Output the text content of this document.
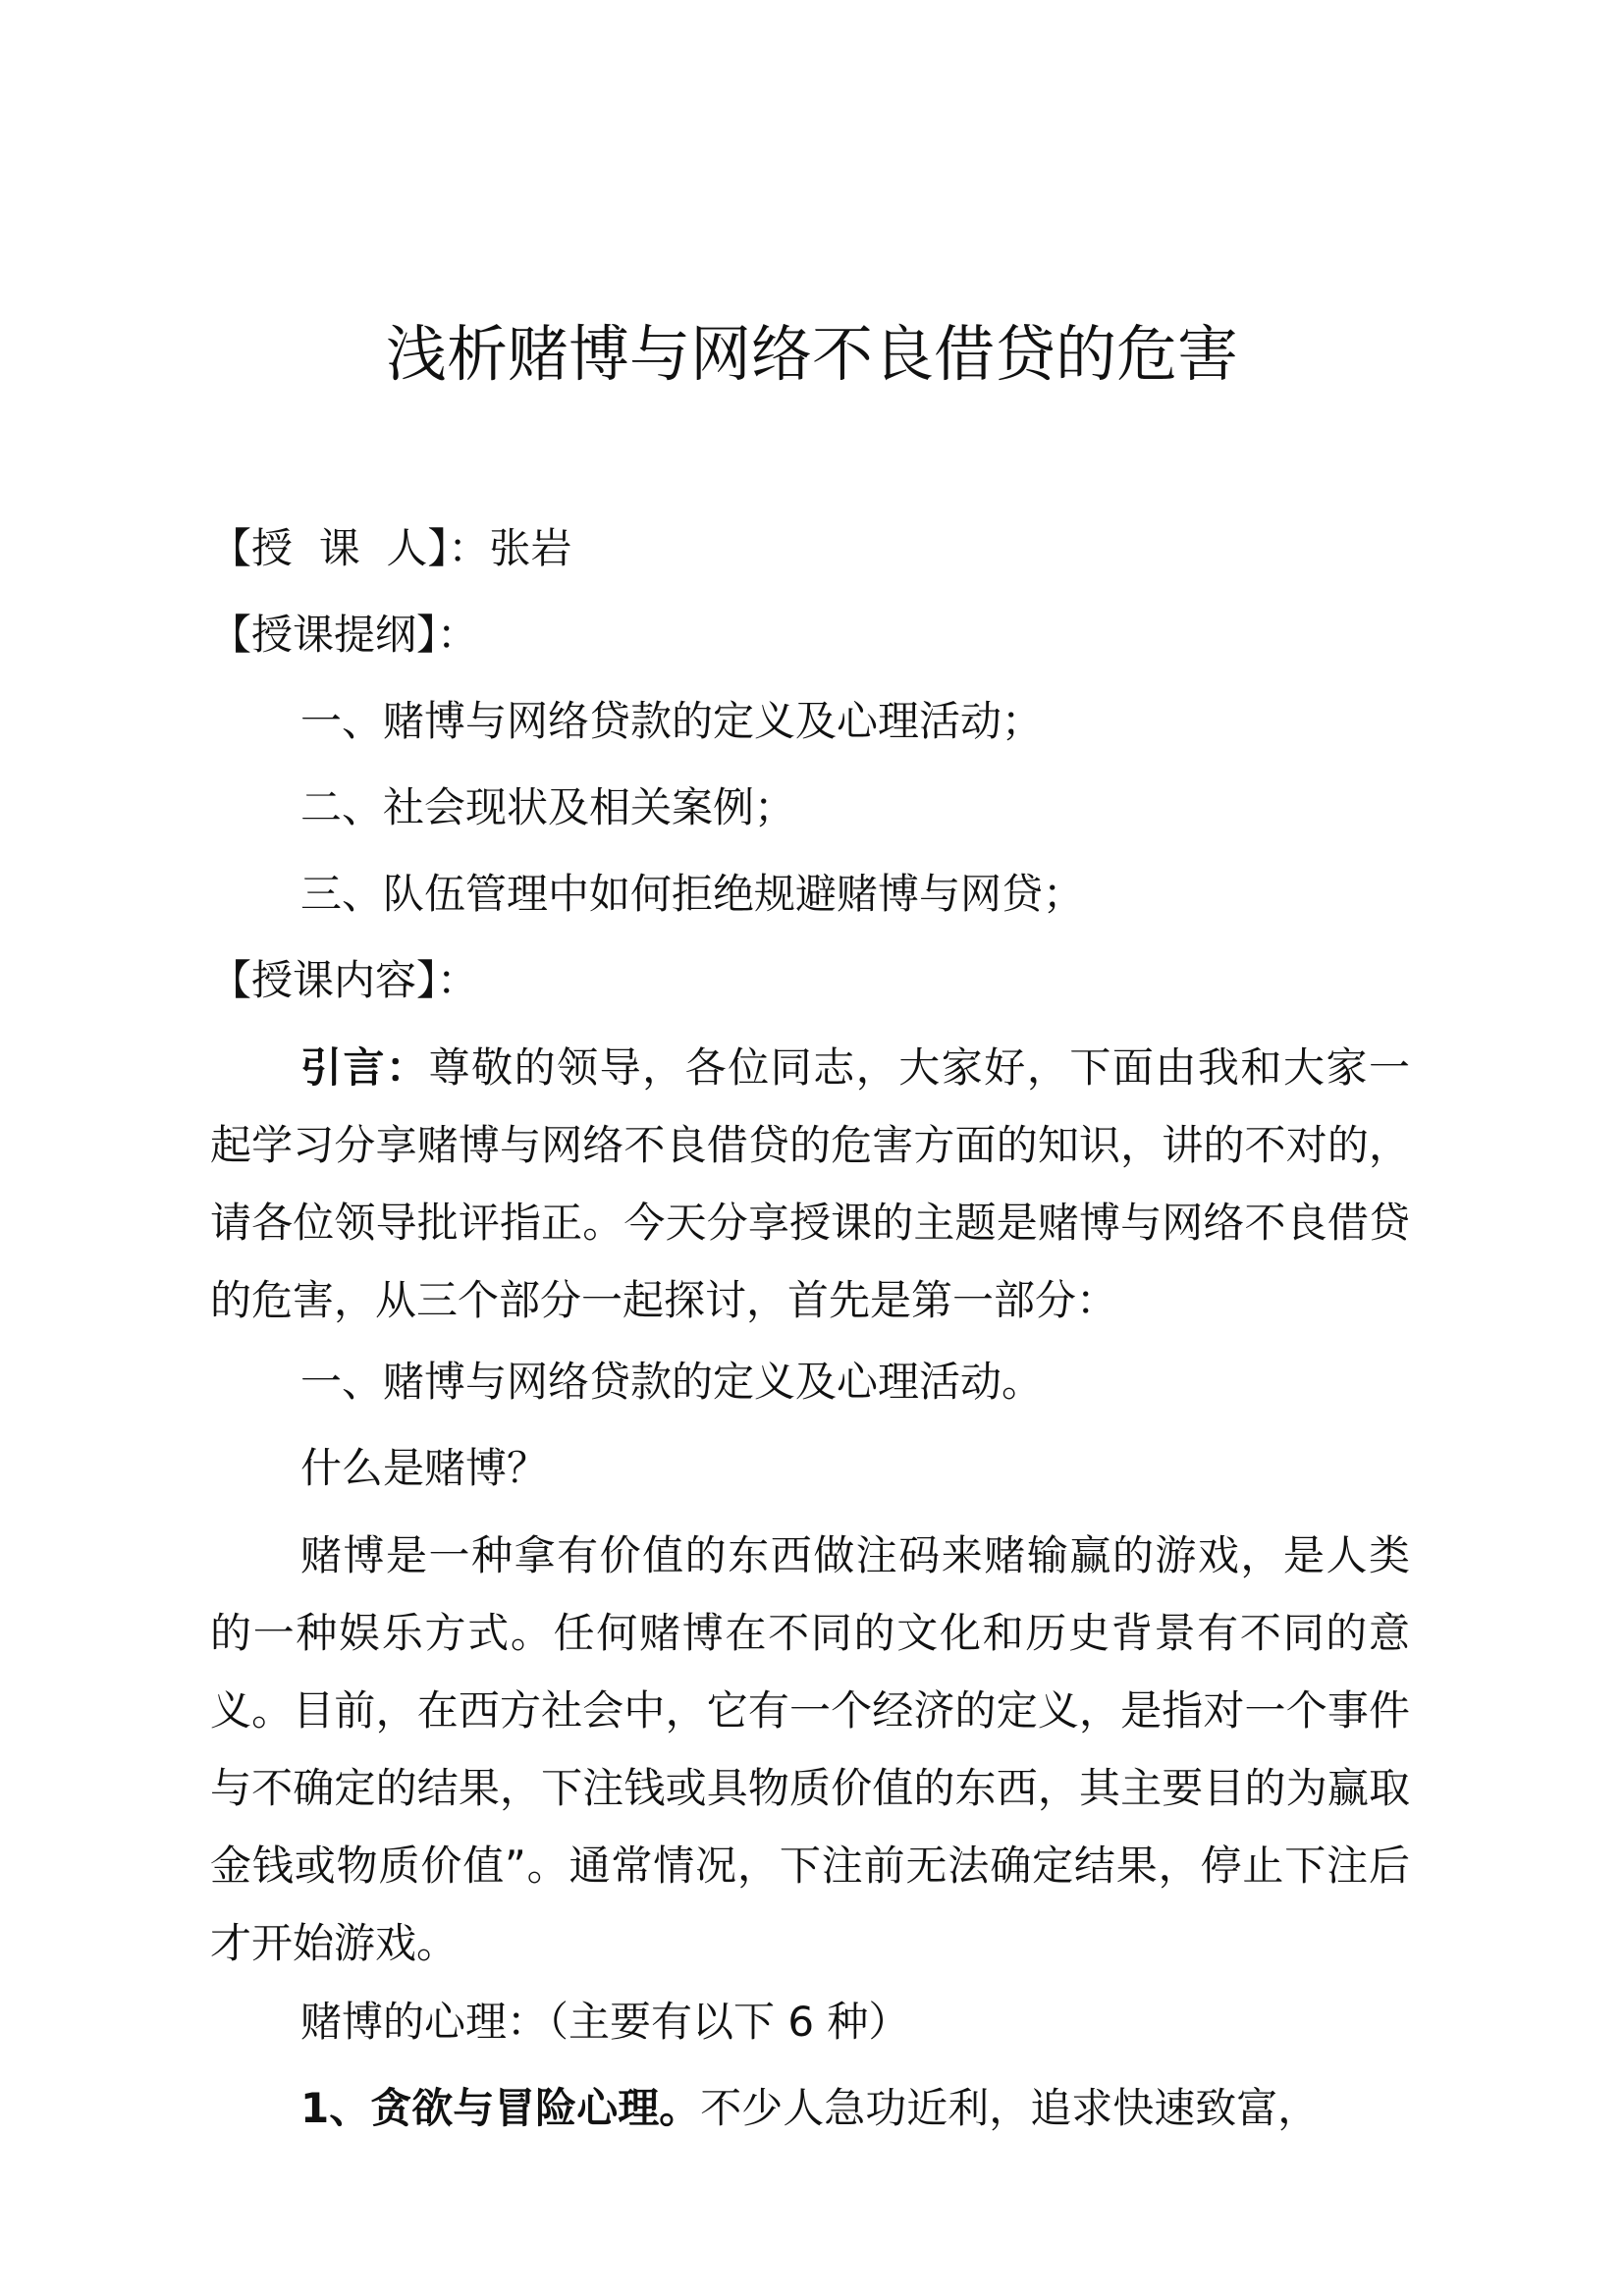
浅析赌博与网络不良借贷的危害

【授  课  人】：张岩

【授课提纲】：

一、赌博与网络贷款的定义及心理活动；

二、社会现状及相关案例；

三、队伍管理中如何拒绝规避赌博与网贷；

【授课内容】：

引言：尊敬的领导，各位同志，大家好，下面由我和大家一起学习分享赌博与网络不良借贷的危害方面的知识，讲的不对的，请各位领导批评指正。今天分享授课的主题是赌博与网络不良借贷的危害，从三个部分一起探讨，首先是第一部分：

一、赌博与网络贷款的定义及心理活动。

什么是赌博？

赌博是一种拿有价值的东西做注码来赌输赢的游戏，是人类的一种娱乐方式。任何赌博在不同的文化和历史背景有不同的意义。目前，在西方社会中，它有一个经济的定义，是指对一个事件与不确定的结果，下注钱或具物质价值的东西，其主要目的为赢取金钱或物质价值”。通常情况，下注前无法确定结果，停止下注后才开始游戏。

赌博的心理：（主要有以下 6 种）

1、贪欲与冒险心理。不少人急功近利，追求快速致富，
